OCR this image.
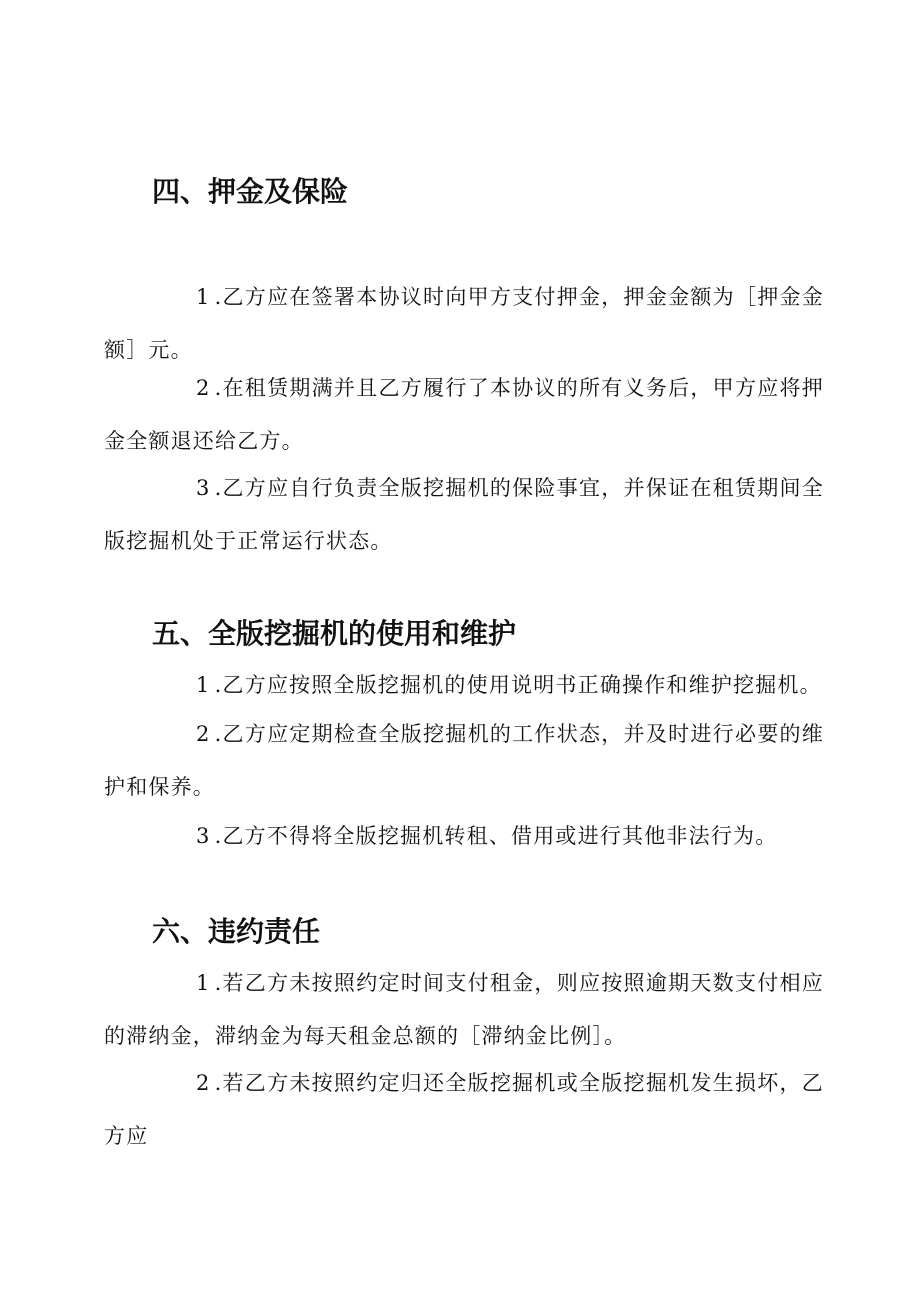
四、押金及保险

1 .乙方应在签署本协议时向甲方支付押金，押金金额为［押金金额］元。

2 .在租赁期满并且乙方履行了本协议的所有义务后，甲方应将押金全额退还给乙方。

3 .乙方应自行负责全版挖掘机的保险事宜，并保证在租赁期间全版挖掘机处于正常运行状态。

五、全版挖掘机的使用和维护

1 .乙方应按照全版挖掘机的使用说明书正确操作和维护挖掘机。

2 .乙方应定期检查全版挖掘机的工作状态，并及时进行必要的维护和保养。

3 .乙方不得将全版挖掘机转租、借用或进行其他非法行为。

六、违约责任

1 .若乙方未按照约定时间支付租金，则应按照逾期天数支付相应的滞纳金，滞纳金为每天租金总额的［滞纳金比例］。

2 .若乙方未按照约定归还全版挖掘机或全版挖掘机发生损坏，乙方应
